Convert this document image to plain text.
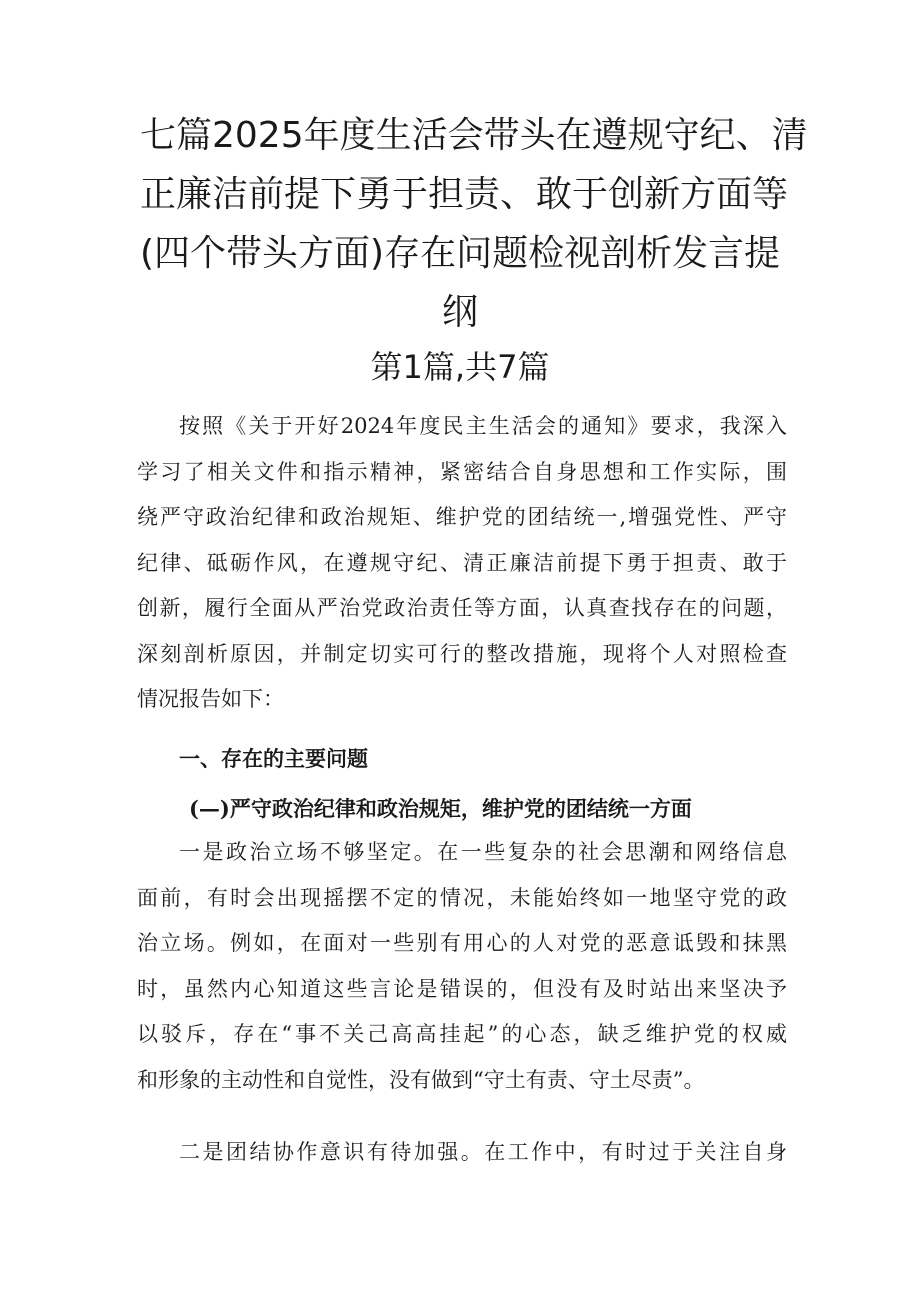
七篇2025年度生活会带头在遵规守纪、清
正廉洁前提下勇于担责、敢于创新方面等
(四个带头方面)存在问题检视剖析发言提
纲
第1篇,共7篇
按照《关于开好2024年度民主生活会的通知》要求，我深入
学习了相关文件和指示精神，紧密结合自身思想和工作实际，围
绕严守政治纪律和政治规矩、维护党的团结统一,增强党性、严守
纪律、砥砺作风，在遵规守纪、清正廉洁前提下勇于担责、敢于
创新，履行全面从严治党政治责任等方面，认真查找存在的问题，
深刻剖析原因，并制定切实可行的整改措施，现将个人对照检查
情况报告如下：
一、存在的主要问题
(—)严守政治纪律和政治规矩，维护党的团结统一方面
一是政治立场不够坚定。在一些复杂的社会思潮和网络信息
面前，有时会出现摇摆不定的情况，未能始终如一地坚守党的政
治立场。例如，在面对一些别有用心的人对党的恶意诋毁和抹黑
时，虽然内心知道这些言论是错误的，但没有及时站出来坚决予
以驳斥，存在“事不关己高高挂起”的心态，缺乏维护党的权威
和形象的主动性和自觉性，没有做到“守土有责、守土尽责”。
二是团结协作意识有待加强。在工作中，有时过于关注自身
